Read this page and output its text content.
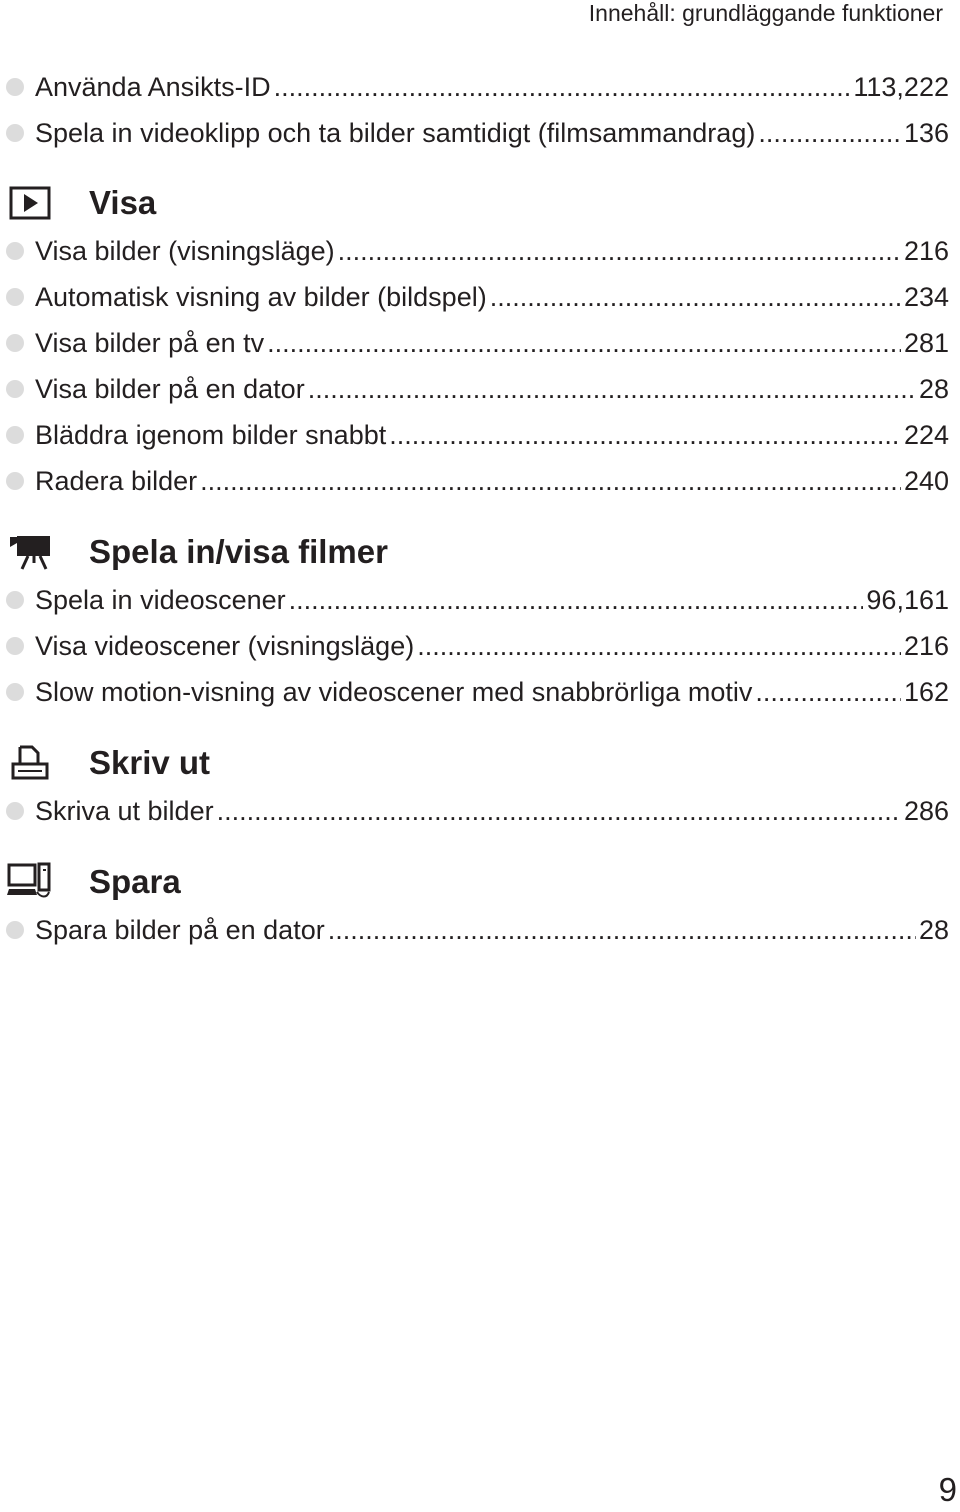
Innehåll: grundläggande funktioner
Använda Ansikts-ID .....	113,222
Spela in videoklipp och ta bilder samtidigt (filmsammandrag) .....	136
Visa
Visa bilder (visningsläge) .....	216
Automatisk visning av bilder (bildspel) .....	234
Visa bilder på en tv .....	281
Visa bilder på en dator .....	28
Bläddra igenom bilder snabbt .....	224
Radera bilder .....	240
Spela in/visa filmer
Spela in videoscener .....	96,161
Visa videoscener (visningsläge) .....	216
Slow motion-visning av videoscener med snabbrörliga motiv .....	162
Skriv ut
Skriva ut bilder .....	286
Spara
Spara bilder på en dator .....	28
9
